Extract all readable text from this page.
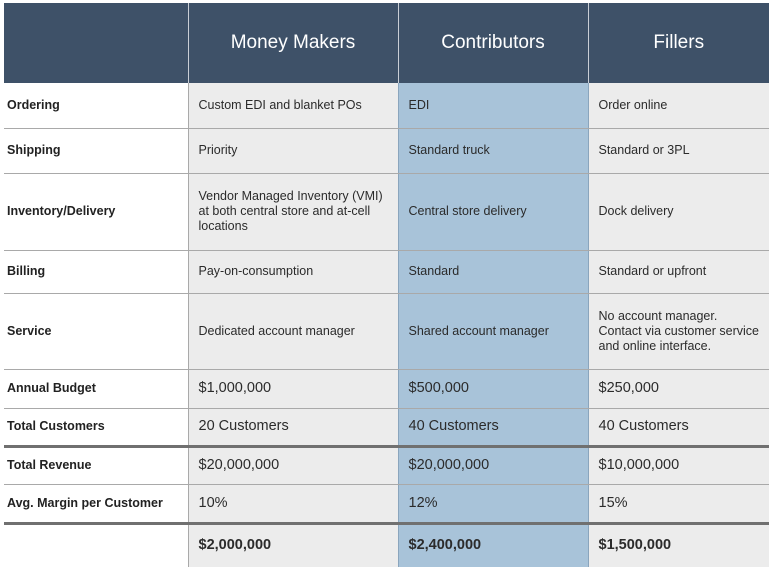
	Money Makers	Contributors	Fillers
Ordering	Custom EDI and blanket POs	EDI	Order online
Shipping	Priority	Standard truck	Standard or 3PL
Inventory/Delivery	Vendor Managed Inventory (VMI) at both central store and at-cell locations	Central store delivery	Dock delivery
Billing	Pay-on-consumption	Standard	Standard or upfront
Service	Dedicated account manager	Shared account manager	No account manager. Contact via customer service and online interface.
Annual Budget	$1,000,000	$500,000	$250,000
Total Customers	20 Customers	40 Customers	40 Customers
Total Revenue	$20,000,000	$20,000,000	$10,000,000
Avg. Margin per Customer	10%	12%	15%
	$2,000,000	$2,400,000	$1,500,000
